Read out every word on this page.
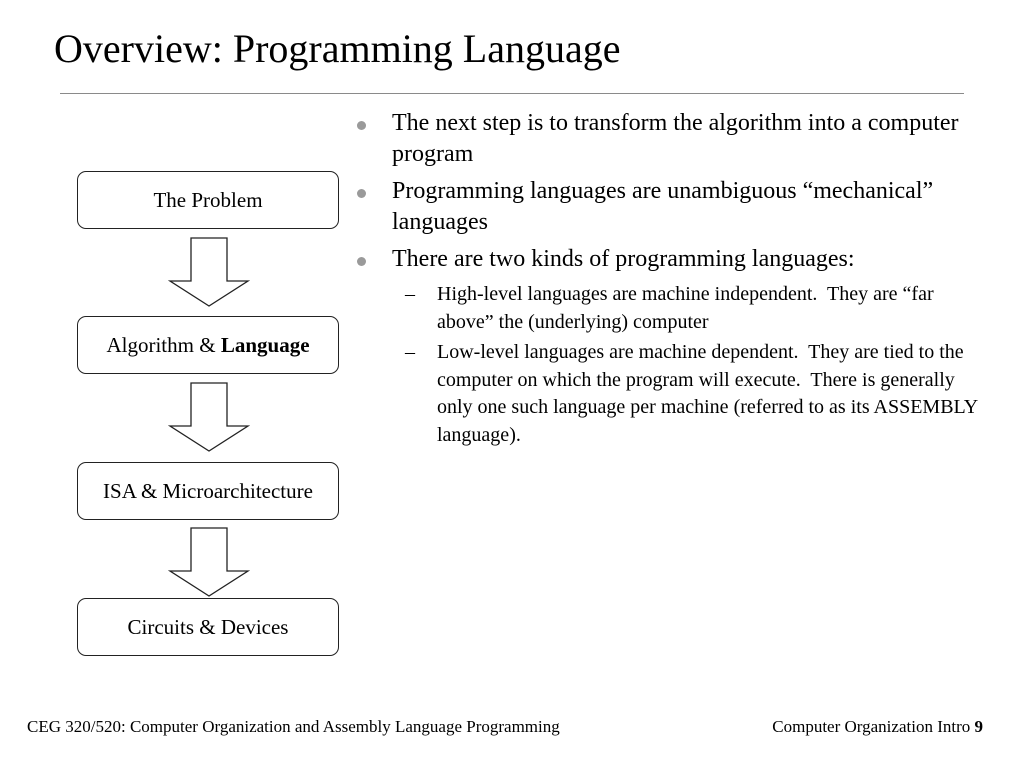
Overview: Programming Language
The Problem
Algorithm & Language
ISA & Microarchitecture
Circuits & Devices
The next step is to transform the algorithm into a computer program
Programming languages are unambiguous “mechanical” languages
There are two kinds of programming languages:
– High-level languages are machine independent.  They are “far above” the (underlying) computer
– Low-level languages are machine dependent.  They are tied to the computer on which the program will execute.  There is generally only one such language per machine (referred to as its ASSEMBLY language).
CEG 320/520: Computer Organization and Assembly Language Programming	Computer Organization Intro 9
